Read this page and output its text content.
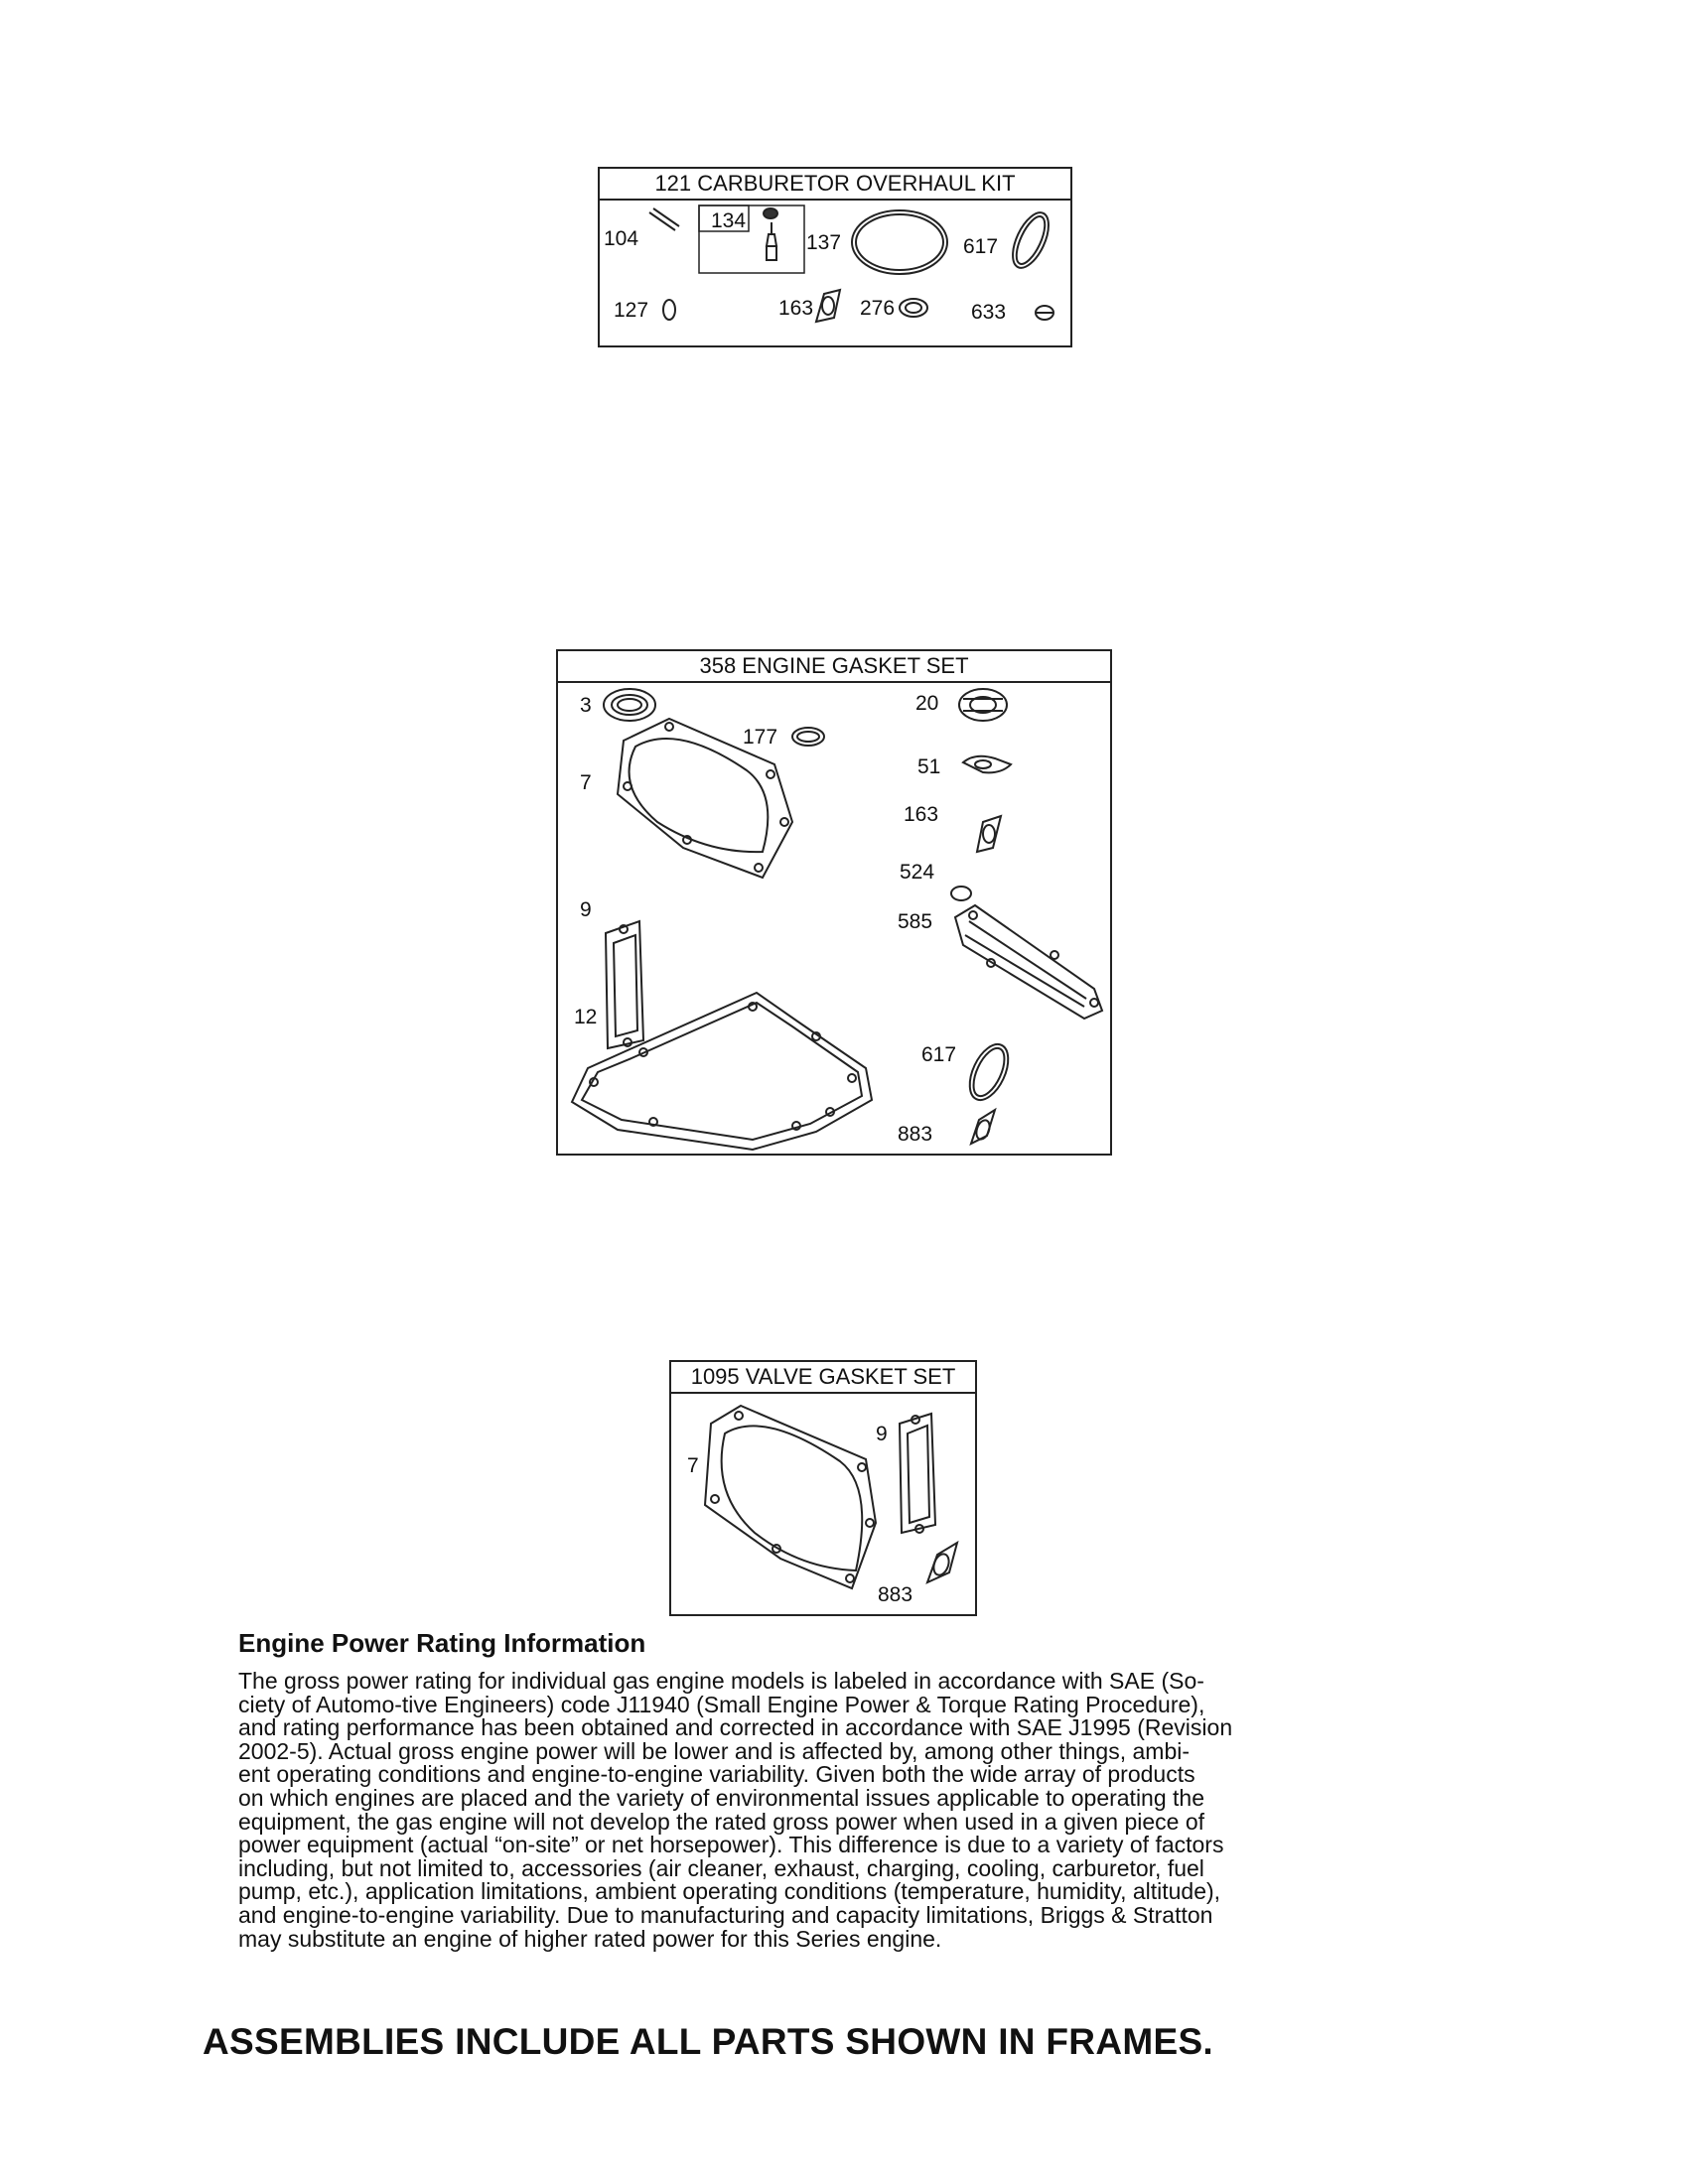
121 CARBURETOR OVERHAUL KIT
104
134
137	617
127	163 276	633
358 ENGINE GASKET SET
3
177
20
51
7
163
524
585
9
12
617
883
1095 VALVE GASKET SET
7
9
883
Engine Power Rating Information
The gross power rating for individual gas engine models is labeled in accordance with SAE (So-
ciety of Automo-tive Engineers) code J11940 (Small Engine Power & Torque Rating Procedure),
and rating performance has been obtained and corrected in accordance with SAE J1995 (Revision
2002-5). Actual gross engine power will be lower and is affected by, among other things, ambi-
ent operating conditions and engine-to-engine variability. Given both the wide array of products
on which engines are placed and the variety of environmental issues applicable to operating the
equipment, the gas engine will not develop the rated gross power when used in a given piece of
power equipment (actual “on-site” or net horsepower). This difference is due to a variety of factors
including, but not limited to, accessories (air cleaner, exhaust, charging, cooling, carburetor, fuel
pump, etc.), application limitations, ambient operating conditions (temperature, humidity, altitude),
and engine-to-engine variability. Due to manufacturing and capacity limitations, Briggs & Stratton
may substitute an engine of higher rated power for this Series engine.
ASSEMBLIES INCLUDE ALL PARTS SHOWN IN FRAMES.
